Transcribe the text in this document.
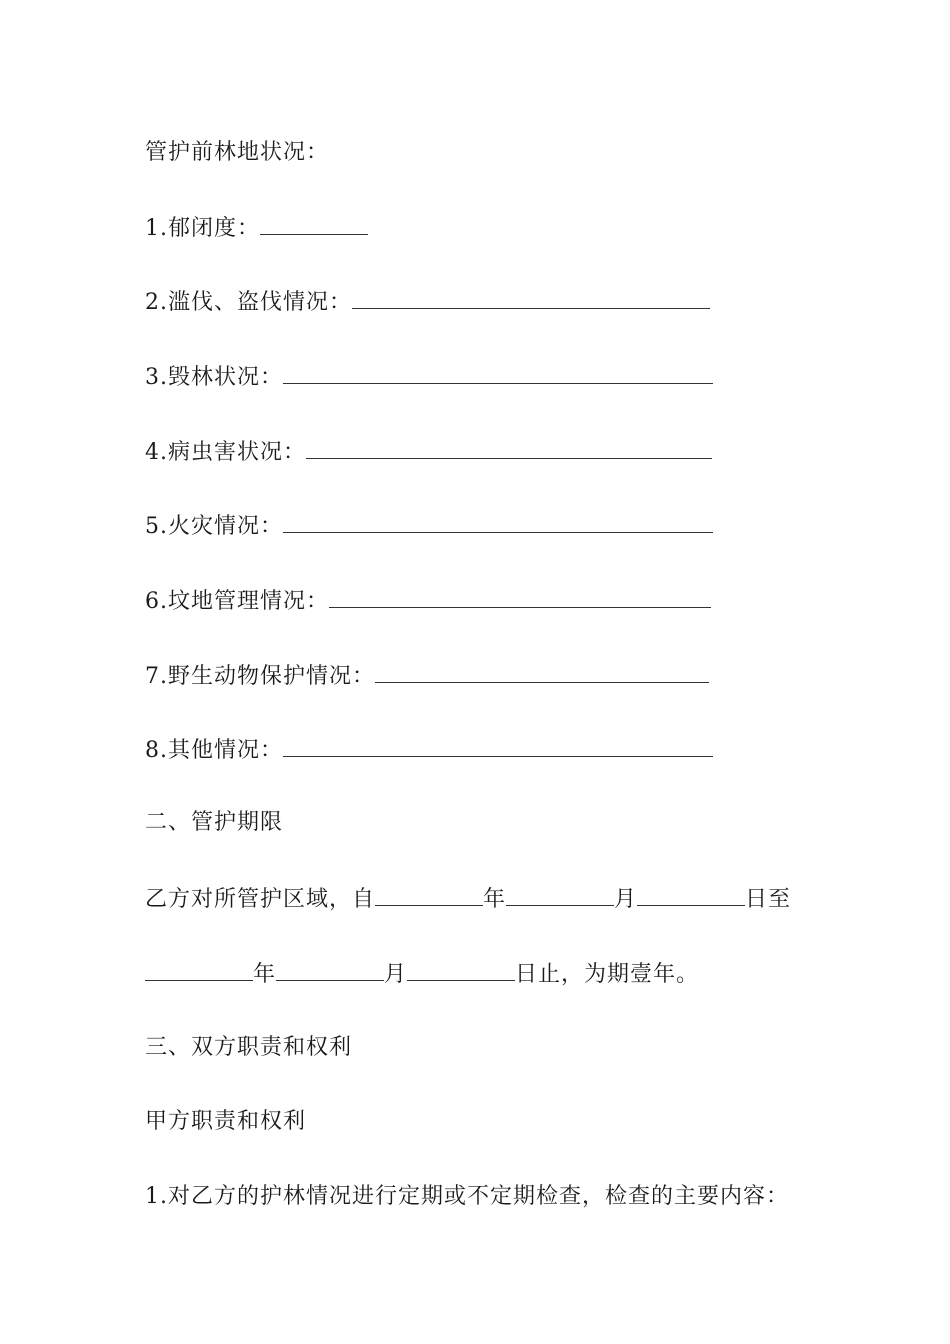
管护前林地状况：
1.郁闭度：
2.滥伐、盗伐情况：
3.毁林状况：
4.病虫害状况：
5.火灾情况：
6.坟地管理情况：
7.野生动物保护情况：
8.其他情况：
二、管护期限
乙方对所管护区域，自	年	月	日至
年	月	日止，为期壹年。
三、双方职责和权利
甲方职责和权利
1.对乙方的护林情况进行定期或不定期检查，检查的主要内容：
